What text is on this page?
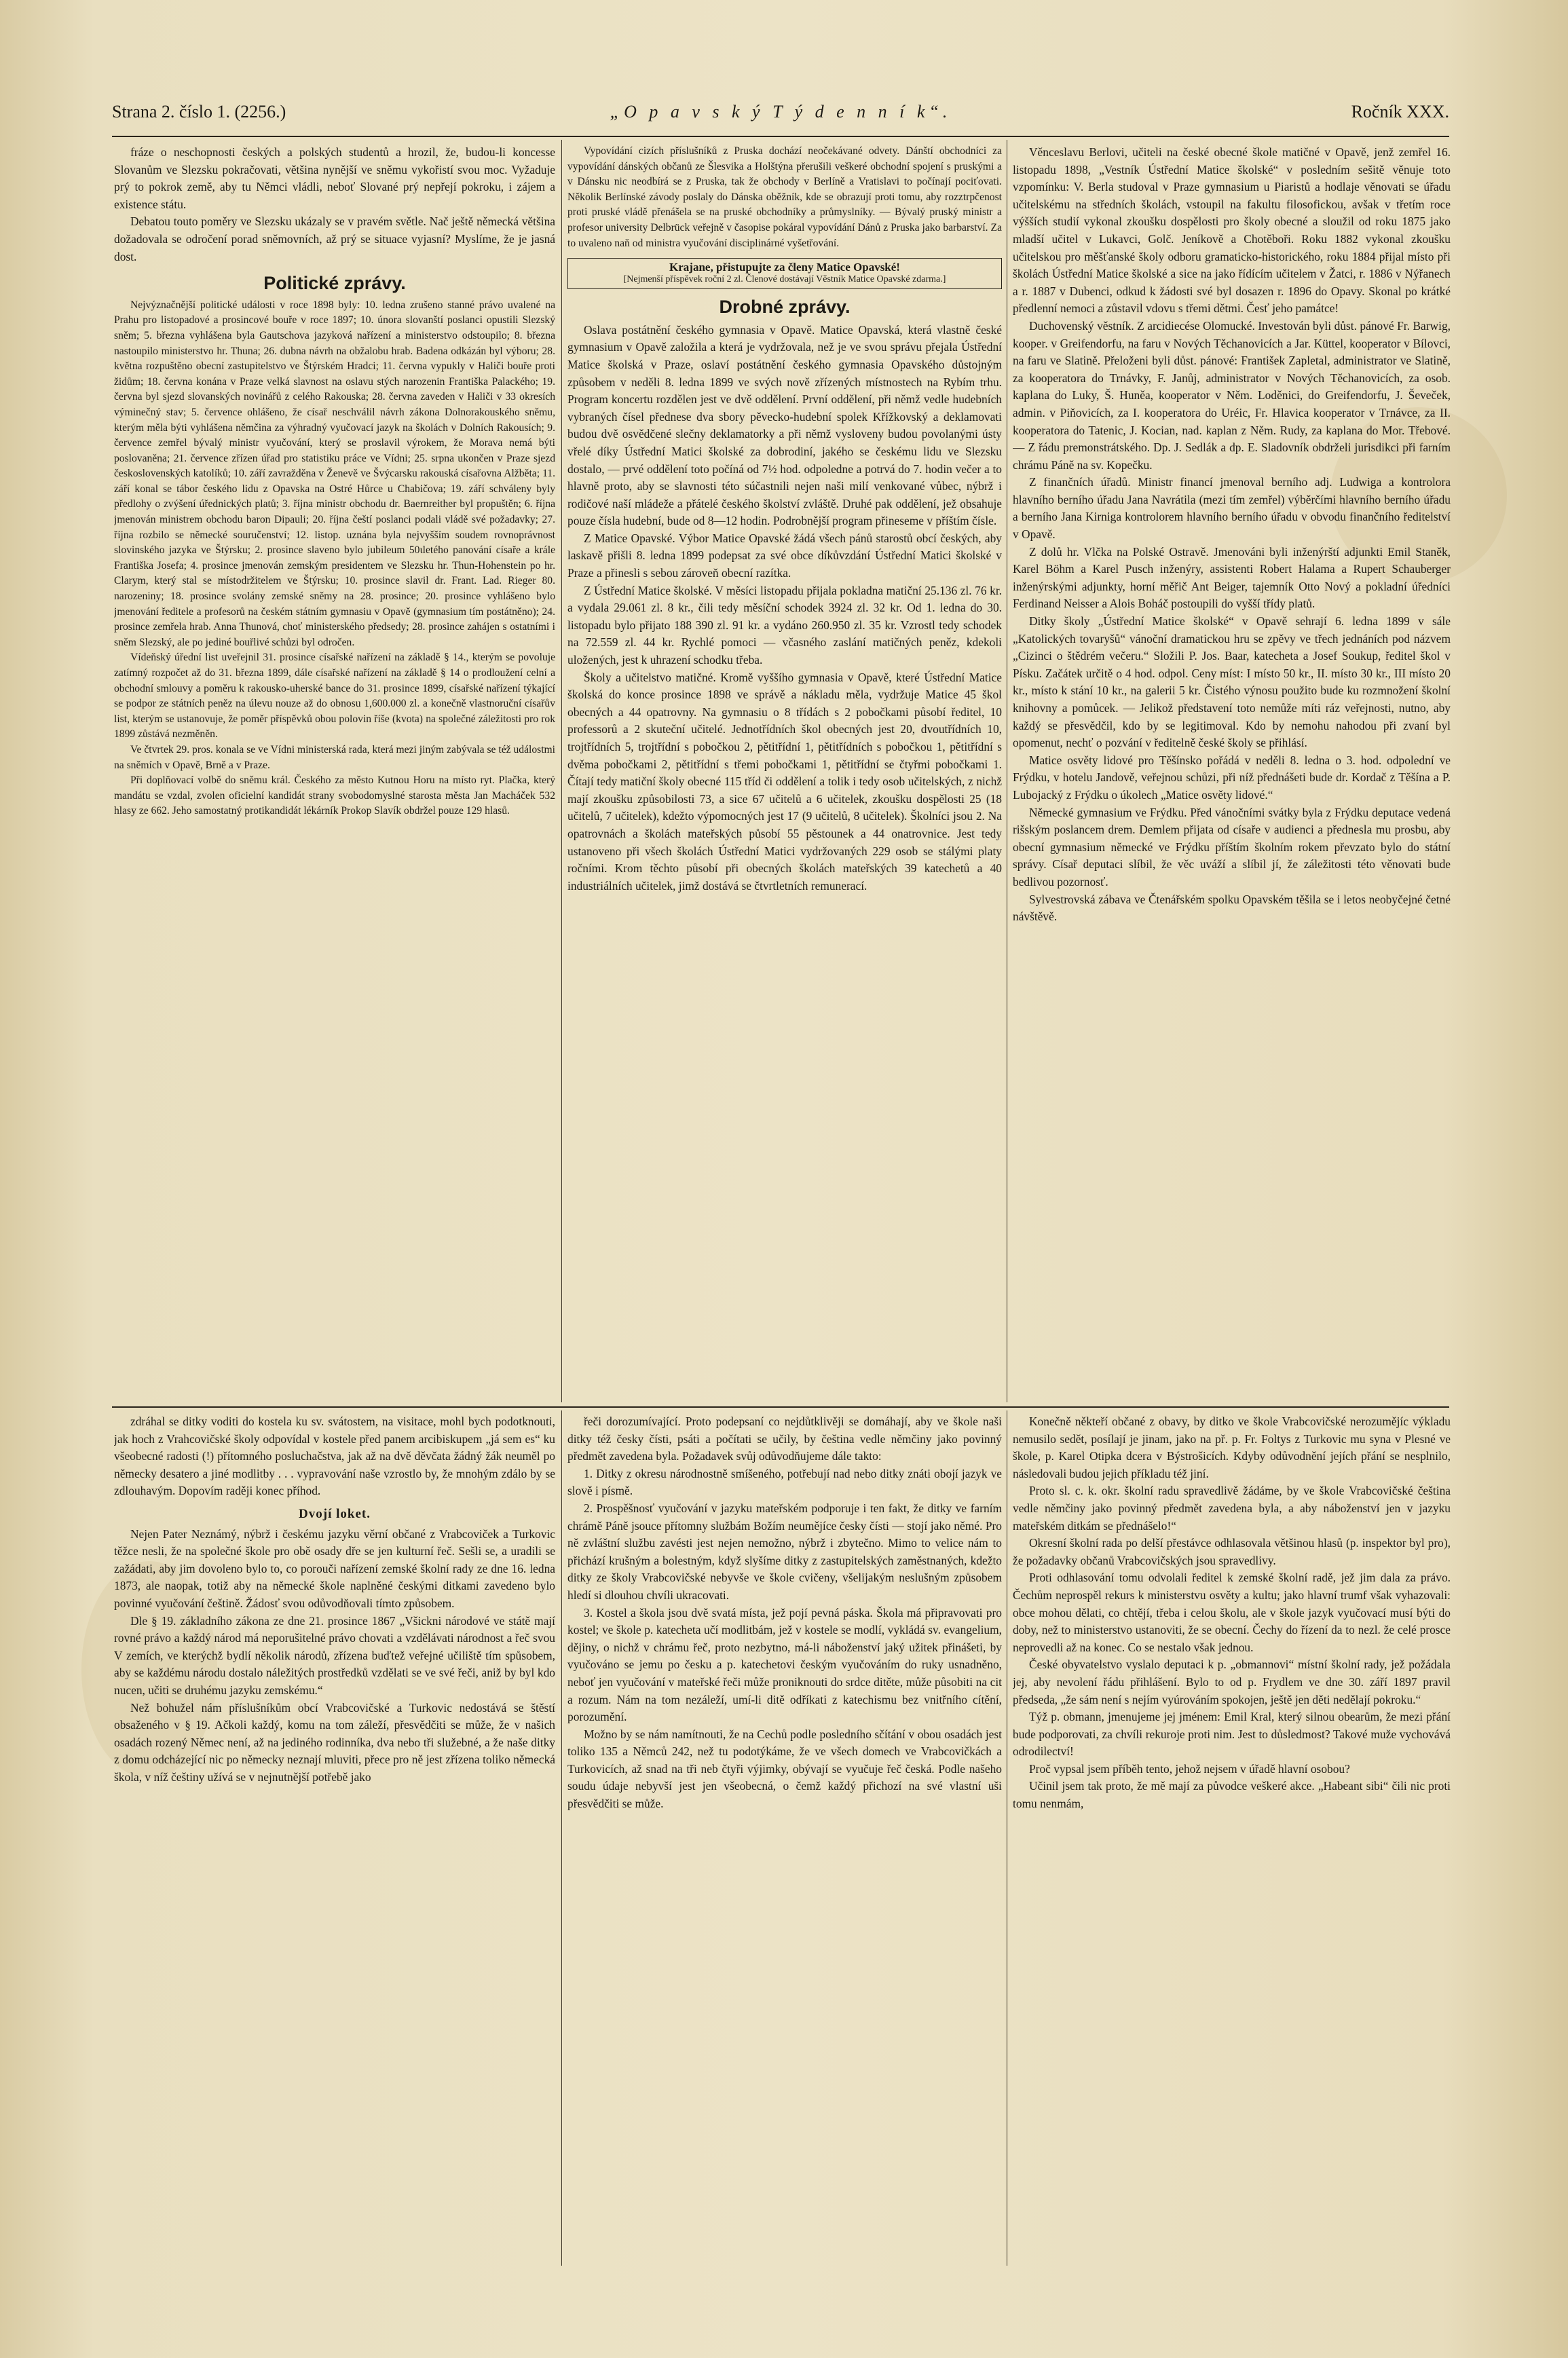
Strana 2. číslo 1. (2256.)	„O p a v s k ý T ý d e n n í k“.	Ročník XXX.

fráze o neschopnosti českých a polských studentů a hrozil, že, budou-li koncesse Slovanům ve Slezsku pokračovati, většina nynější ve sněmu vykořistí svou moc. Vyžaduje prý to pokrok země, aby tu Němci vládli, neboť Slované prý nepřejí pokroku, i zájem a existence státu.

Debatou touto poměry ve Slezsku ukázaly se v pravém světle. Nač ještě německá většina dožadovala se odročení porad sněmovních, až prý se situace vyjasní? Myslíme, že je jasná dost.

Politické zprávy.

Nejvýznačnější politické události v roce 1898 byly: 10. ledna zrušeno stanné právo uvalené na Prahu pro listopadové a prosincové bouře v roce 1897; 10. února slovanští poslanci opustili Slezský sněm; 5. března vyhlášena byla Gautschova jazyková nařízení a ministerstvo odstoupilo; 8. března nastoupilo ministerstvo hr. Thuna; 26. dubna návrh na obžalobu hrab. Badena odkázán byl výboru; 28. května rozpuštěno obecní zastupitelstvo ve Štýrském Hradci; 11. června vypukly v Haliči bouře proti židům; 18. června konána v Praze velká slavnost na oslavu stých narozenin Františka Palackého; 19. června byl sjezd slovanských novinářů z celého Rakouska; 28. června zaveden v Haliči v 33 okresích výminečný stav; 5. července ohlášeno, že císař neschválil návrh zákona Dolnorakouského sněmu, kterým měla býti vyhlášena němčina za výhradný vyučovací jazyk na školách v Dolních Rakousích; 9. července zemřel bývalý ministr vyučování, který se proslavil výrokem, že Morava nemá býti poslovaněna; 21. července zřízen úřad pro statistiku práce ve Vídni; 25. srpna ukončen v Praze sjezd československých katolíků; 10. září zavražděna v Ženevě ve Švýcarsku rakouská císařovna Alžběta; 11. září konal se tábor českého lidu z Opavska na Ostré Hůrce u Chabičova; 19. září schváleny byly předlohy o zvýšení úřednických platů; 3. října ministr obchodu dr. Baernreither byl propuštěn; 6. října jmenován ministrem obchodu baron Dipauli; 20. října čeští poslanci podali vládě své požadavky; 27. října rozbilo se německé souručenství; 12. listop. uznána byla nejvyšším soudem rovnoprávnost slovinského jazyka ve Štýrsku; 2. prosince slaveno bylo jubileum 50ιletého panování císaře a krále Františka Josefa; 4. prosince jmenován zemským presidentem ve Slezsku hr. Thun-Hohenstein po hr. Clarym, který stal se místodržitelem ve Štýrsku; 10. prosince slavil dr. Frant. Lad. Rieger 80. narozeniny; 18. prosince svolány zemské sněmy na 28. prosince; 20. prosince vyhlášeno bylo jmenování ředitele a profesorů na českém státním gymnasiu v Opavě (gymnasium tím postátněno); 24. prosince zemřela hrab. Anna Thunová, choť ministerského předsedy; 28. prosince zahájen s ostatními i sněm Slezský, ale po jediné bouřlivé schůzi byl odročen.

Vídeňský úřední list uveřejnil 31. prosince císařské nařízení na základě § 14., kterým se povoluje zatímný rozpočet až do 31. března 1899, dále císařské nařízení na základě § 14 o prodloužení celní a obchodní smlouvy a poměru k rakousko-uherské bance do 31. prosince 1899, císařské nařízení týkající se podpor ze státních peněz na úlevu nouze až do obnosu 1,600.000 zl. a konečně vlastnoruční císařův list, kterým se ustanovuje, že poměr příspěvků obou polovin říše (kvota) na společné záležitosti pro rok 1899 zůstává nezměněn.

Ve čtvrtek 29. pros. konala se ve Vídni ministerská rada, která mezi jiným zabývala se též událostmi na sněmích v Opavě, Brně a v Praze.

Při doplňovací volbě do sněmu král. Českého za město Kutnou Horu na místo ryt. Plačka, který mandátu se vzdal, zvolen oficielní kandidát strany svobodomyslné starosta města Jan Macháček 532 hlasy ze 662. Jeho samostatný protikandidát lékárník Prokop Slavík obdržel pouze 129 hlasů.

Vypovídání cizích příslušníků z Pruska dochází neočekávané odvety. Dánští obchodníci za vypovídání dánských občanů ze Šlesvika a Holštýna přerušili veškeré obchodní spojení s pruskými a v Dánsku nic neodbírá se z Pruska, tak že obchody v Berlíně a Vratislavi to počínají pociťovati. Několik Berlínské závody poslaly do Dánska oběžník, kde se obrazují proti tomu, aby rozztrpčenost proti pruské vládě přenášela se na pruské obchodníky a průmyslníky. — Bývalý pruský ministr a profesor university Delbrück veřejně v časopise pokáral vypovídání Dánů z Pruska jako barbarství. Za to uvaleno naň od ministra vyučování disciplinárné vyšetřování.

Krajane, přistupujte za členy Matice Opavské!
[Nejmenší příspěvek roční 2 zl. Členové dostávají Věstník Matice Opavské zdarma.]
Drobné zprávy.

Oslava postátnění českého gymnasia v Opavě. Matice Opavská, která vlastně české gymnasium v Opavě založila a která je vydržovala, než je ve svou správu přejala Ústřední Matice školská v Praze, oslaví postátnění českého gymnasia Opavského důstojným způsobem v neděli 8. ledna 1899 ve svých nově zřízených místnostech na Rybím trhu. Program koncertu rozdělen jest ve dvě oddělení. První oddělení, při němž vedle hudebních vybraných čísel přednese dva sbory pěvecko-hudební spolek Křížkovský a deklamovati budou dvě osvědčené slečny deklamatorky a při němž vysloveny budou povolanými ústy vřelé díky Ústřední Matici školské za dobrodiní, jakého se českému lidu ve Slezsku dostalo, — prvé oddělení toto počíná od 7½ hod. odpoledne a potrvá do 7. hodin večer a to hlavně proto, aby se slavnosti této súčastnili nejen naši milí venkované vůbec, nýbrž i rodičové naší mládeže a přátelé českého školství zvláště. Druhé pak oddělení, jež obsahuje pouze čísla hudební, bude od 8—12 hodin. Podrobnější program přineseme v příštím čísle.

Z Matice Opavské. Výbor Matice Opavské žádá všech pánů starostů obcí českých, aby laskavě přišli 8. ledna 1899 podepsat za své obce díkůvzdání Ústřední Matici školské v Praze a přinesli s sebou zároveň obecní razítka.

Z Ústřední Matice školské. V měsíci listopadu přijala pokladna matiční 25.136 zl. 76 kr. a vydala 29.061 zl. 8 kr., čili tedy měsíční schodek 3924 zl. 32 kr. Od 1. ledna do 30. listopadu bylo přijato 188 390 zl. 91 kr. a vydáno 260.950 zl. 35 kr. Vzrostl tedy schodek na 72.559 zl. 44 kr. Rychlé pomoci — včasného zaslání matičných peněz, kdekoli uložených, jest k uhrazení schodku třeba.

Školy a učitelstvo matičné. Kromě vyššího gymnasia v Opavě, které Ústřední Matice školská do konce prosince 1898 ve správě a nákladu měla, vydržuje Matice 45 škol obecných a 44 opatrovny. Na gymnasiu o 8 třídách s 2 pobočkami působí ředitel, 10 professorů a 2 skuteční učitelé. Jednotřídních škol obecných jest 20, dvoutřídních 10, trojtřídních 5, trojtřídní s pobočkou 2, pětitřídní 1, pětitřídních s pobočkou 1, pětitřídní s dvěma pobočkami 2, pětitřídní s třemi pobočkami 1, pětitřídní se čtyřmi pobočkami 1. Čítají tedy matiční školy obecné 115 tříd či oddělení a tolik i tedy osob učitelských, z nichž mají zkoušku způsobilosti 73, a sice 67 učitelů a 6 učitelek, zkoušku dospělosti 25 (18 učitelů, 7 učitelek), kdežto výpomocných jest 17 (9 učitelů, 8 učitelek). Školníci jsou 2. Na opatrovnách a školách mateřských působí 55 pěstounek a 44 onatrovnice. Jest tedy ustanoveno při všech školách Ústřední Matici vydržovaných 229 osob se stálými platy ročními. Krom těchto působí při obecných školách mateřských 39 katechetů a 40 industriálních učitelek, jimž dostává se čtvrtletních remunerací.

Věnceslavu Berlovi, učiteli na české obecné škole matičné v Opavě, jenž zemřel 16. listopadu 1898, „Vestník Ústřední Matice školské“ v posledním sešitě věnuje toto vzpomínku: V. Berla studoval v Praze gymnasium u Piaristů a hodlaje věnovati se úřadu učitelskému na středních školách, vstoupil na fakultu filosofickou, avšak v třetím roce výšších studií vykonal zkoušku dospělosti pro školy obecné a sloužil od roku 1875 jako mladší učitel v Lukavci, Golč. Jeníkově a Chotěboři. Roku 1882 vykonal zkoušku učitelskou pro měšťanské školy odboru gramaticko-historického, roku 1884 přijal místo při školách Ústřední Matice školské a sice na jako řídícím učitelem v Žatci, r. 1886 v Nýřanech a r. 1887 v Dubenci, odkud k žádosti své byl dosazen r. 1896 do Opavy. Skonal po krátké předlenní nemoci a zůstavil vdovu s třemi dětmi. Česť jeho památce!

Duchovenský věstník. Z arcidiecése Olomucké. Investován byli důst. pánové Fr. Barwig, kooper. v Greifendorfu, na faru v Nových Těchanovicích a Jar. Küttel, kooperator v Bílovci, na faru ve Slatině. Přeloženi byli důst. pánové: František Zapletal, administrator ve Slatině, za kooperatora do Trnávky, F. Janůj, administrator v Nových Těchanovicích, za osob. kaplana do Luky, Š. Huněa, kooperator v Něm. Loděnici, do Greifendorfu, J. Ševeček, admin. v Piňovicích, za I. kooperatora do Uréic, Fr. Hlavica kooperator v Trnávce, za II. kooperatora do Tatenic, J. Kocian, nad. kaplan z Něm. Rudy, za kaplana do Mor. Třebové. — Z řádu premonstrátského. Dp. J. Sedlák a dp. E. Sladovník obdrželi jurisdikci při farním chrámu Páně na sv. Kopečku.

Z finančních úřadů. Ministr financí jmenoval berního adj. Ludwiga a kontrolora hlavního berního úřadu Jana Navrátila (mezi tím zemřel) výběrčími hlavního berního úřadu a berního Jana Kirniga kontrolorem hlavního berního úřadu v obvodu finančního ředitelství v Opavě.

Z dolů hr. Vlčka na Polské Ostravě. Jmenováni byli inženýrští adjunkti Emil Staněk, Karel Böhm a Karel Pusch inženýry, assistenti Robert Halama a Rupert Schauberger inženýrskými adjunkty, horní měřič Ant Beiger, tajemník Otto Nový a pokladní úředníci Ferdinand Neisser a Alois Boháč postoupili do vyšší třídy platů.

Ditky školy „Ústřední Matice školské“ v Opavě sehrají 6. ledna 1899 v sále „Katolických tovaryšů“ vánoční dramatickou hru se zpěvy ve třech jednáních pod názvem „Cizinci o štědrém večeru.“ Složili P. Jos. Baar, katecheta a Josef Soukup, ředitel škol v Písku. Začátek určitě o 4 hod. odpol. Ceny míst: I místo 50 kr., II. místo 30 kr., III místo 20 kr., místo k stání 10 kr., na galerii 5 kr. Čistého výnosu použito bude ku rozmnožení školní knihovny a pomůcek. — Jelikož představení toto nemůže míti ráz veřejnosti, nutno, aby každý se přesvědčil, kdo by se legitimoval. Kdo by nemohu nahodou při zvaní byl opomenut, nechť o pozvání v ředitelně české školy se přihlásí.

Matice osvěty lidové pro Těšínsko pořádá v neděli 8. ledna o 3. hod. odpolední ve Frýdku, v hotelu Jandově, veřejnou schůzi, při níž přednášeti bude dr. Kordač z Těšína a P. Lubojacký z Frýdku o úkolech „Matice osvěty lidové.“

Německé gymnasium ve Frýdku. Před vánočními svátky byla z Frýdku deputace vedená rišským poslancem drem. Demlem přijata od císaře v audienci a přednesla mu prosbu, aby obecní gymnasium německé ve Frýdku příštím školním rokem převzato bylo do státní správy. Císař deputaci slíbil, že věc uváží a slíbil jí, že záležitosti této věnovati bude bedlivou pozornosť.

Sylvestrovská zábava ve Čtenářském spolku Opavském těšila se i letos neobyčejné četné návštěvě.

zdráhal se ditky voditi do kostela ku sv. svátostem, na visitace, mohl bych podotknouti, jak hoch z Vrahcovičské školy odpovídal v kostele před panem arcibiskupem „já sem es“ ku všeobecné radosti (!) přítomného posluchačstva, jak až na dvě děvčata žádný žák neuměl po německy desatero a jiné modlitby . . . vypravování naše vzrostlo by, že mnohým zdálo by se zdlouhavým. Dopovím raději konec příhod.

Dvojí loket.

Nejen Pater Neznámý, nýbrž i českému jazyku věrní občané z Vrabcoviček a Turkovic těžce nesli, že na společné škole pro obě osady dře se jen kulturní řeč. Sešli se, a uradili se zažádati, aby jim dovoleno bylo to, co porouči nařízení zemské školní rady ze dne 16. ledna 1873, ale naopak, totiž aby na německé škole naplněné českými ditkami zavedeno bylo povinné vyučování češtině. Žádosť svou odůvodňovali tímto způsobem.

Dle § 19. základního zákona ze dne 21. prosince 1867 „Všickni národové ve státě mají rovné právo a každý národ má neporušitelné právo chovati a vzdělávati národnost a řeč svou V zemích, ve kterýchž bydlí několik národů, zřízena buďtež veřejné učiliště tím spůsobem, aby se každému národu dostalo náležitých prostředků vzdělati se ve své řeči, aniž by byl kdo nucen, učiti se druhému jazyku zemskému.“

Než bohužel nám příslušníkům obcí Vrabcovičské a Turkovic nedostává se štěstí obsaženého v § 19. Ačkoli každý, komu na tom záleží, přesvědčiti se může, že v našich osadách rozený Němec není, až na jediného rodinníka, dva nebo tři služebné, a že naše ditky z domu odcházející nic po německy neznají mluviti, přece pro ně jest zřízena toliko německá škola, v níž češtiny užívá se v nejnutnější potřebě jako

řeči dorozumívající. Proto podepsaní co nejdůtklivěji se domáhají, aby ve škole naši ditky též česky čísti, psáti a počítati se učily, by čeština vedle němčiny jako povinný předmět zavedena byla. Požadavek svůj odůvodňujeme dále takto:

1. Ditky z okresu národnostně smíšeného, potřebují nad nebo ditky znáti obojí jazyk ve slově i písmě.

2. Prospěšnosť vyučování v jazyku mateřském podporuje i ten fakt, že ditky ve farním chrámě Páně jsouce přítomny službám Božím neumějíce česky čísti — stojí jako němé. Pro ně zvláštní službu zavésti jest nejen nemožno, nýbrž i zbytečno. Mimo to velice nám to přichází krušným a bolestným, když slyšíme ditky z zastupitelských zaměstnaných, kdežto ditky ze školy Vrabcovičské nebyvše ve škole cvičeny, všelijakým neslušným způsobem hledí si dlouhou chvíli ukracovati.

3. Kostel a škola jsou dvě svatá místa, jež pojí pevná páska. Škola má připravovati pro kostel; ve škole p. katecheta učí modlitbám, jež v kostele se modlí, vykládá sv. evangelium, dějiny, o nichž v chrámu řeč, proto nezbytno, má-li náboženství jaký užitek přinášeti, by vyučováno se jemu po česku a p. katechetovi českým vyučováním do ruky usnadněno, neboť jen vyučování v mateřské řeči může proniknouti do srdce ditěte, může působiti na cit a rozum. Nám na tom nezáleží, umí-li ditě odříkati z katechismu bez vnitřního cítění, porozumění.

Možno by se nám namítnouti, že na Cechů podle posledního sčítání v obou osadách jest toliko 135 a Němců 242, než tu podotýkáme, že ve všech domech ve Vrabcovičkách a Turkovicích, až snad na tři neb čtyři výjimky, obývají se vyučuje řeč česká. Podle našeho soudu údaje nebyvší jest jen všeobecná, o čemž každý přichozí na své vlastní uši přesvědčiti se může.

Konečně někteří občané z obavy, by ditko ve škole Vrabcovičské nerozumějíc výkladu nemusilo sedět, posílají je jinam, jako na př. p. Fr. Foltys z Turkovic mu syna v Plesné ve škole, p. Karel Otipka dcera v Býstrošicích. Kdyby odůvodnění jejích přání se nesplnilo, následovali budou jejich příkladu též jiní.

Proto sl. c. k. okr. školní radu spravedlivě žádáme, by ve škole Vrabcovičské čeština vedle němčiny jako povinný předmět zavedena byla, a aby náboženství jen v jazyku mateřském ditkám se přednášelo!“

Okresní školní rada po delší přestávce odhlasovala většinou hlasů (p. inspektor byl pro), že požadavky občanů Vrabcovičských jsou spravedlivy.

Proti odhlasování tomu odvolali ředitel k zemské školní radě, jež jim dala za právo. Čechům neprospěl rekurs k ministerstvu osvěty a kultu; jako hlavní trumf však vyhazovali: obce mohou dělati, co chtějí, třeba i celou školu, ale v škole jazyk vyučovací musí býti do doby, než to ministerstvo ustanoviti, že se obecní. Čechy do řízení da to nezl. že celé prosce neprovedli až na konec. Co se nestalo však jednou.

České obyvatelstvo vyslalo deputaci k p. „obmannovi“ místní školní rady, jež požádala jej, aby nevolení řádu přihlášení. Bylo to od p. Frydlem ve dne 30. září 1897 pravil předseda, „že sám není s nejím vyúrováním spokojen, ještě jen děti nedělají pokroku.“

Týž p. obmann, jmenujeme jej jménem: Emil Kral, který silnou obearům, že mezi přání bude podporovati, za chvíli rekuroje proti nim. Jest to důsledmost? Takové muže vychovává odrodilectví!

Proč vypsal jsem příběh tento, jehož nejsem v úřadě hlavní osobou?

Učinil jsem tak proto, že mě mají za původce veškeré akce. „Habeant sibi“ čili nic proti tomu nenmám,
